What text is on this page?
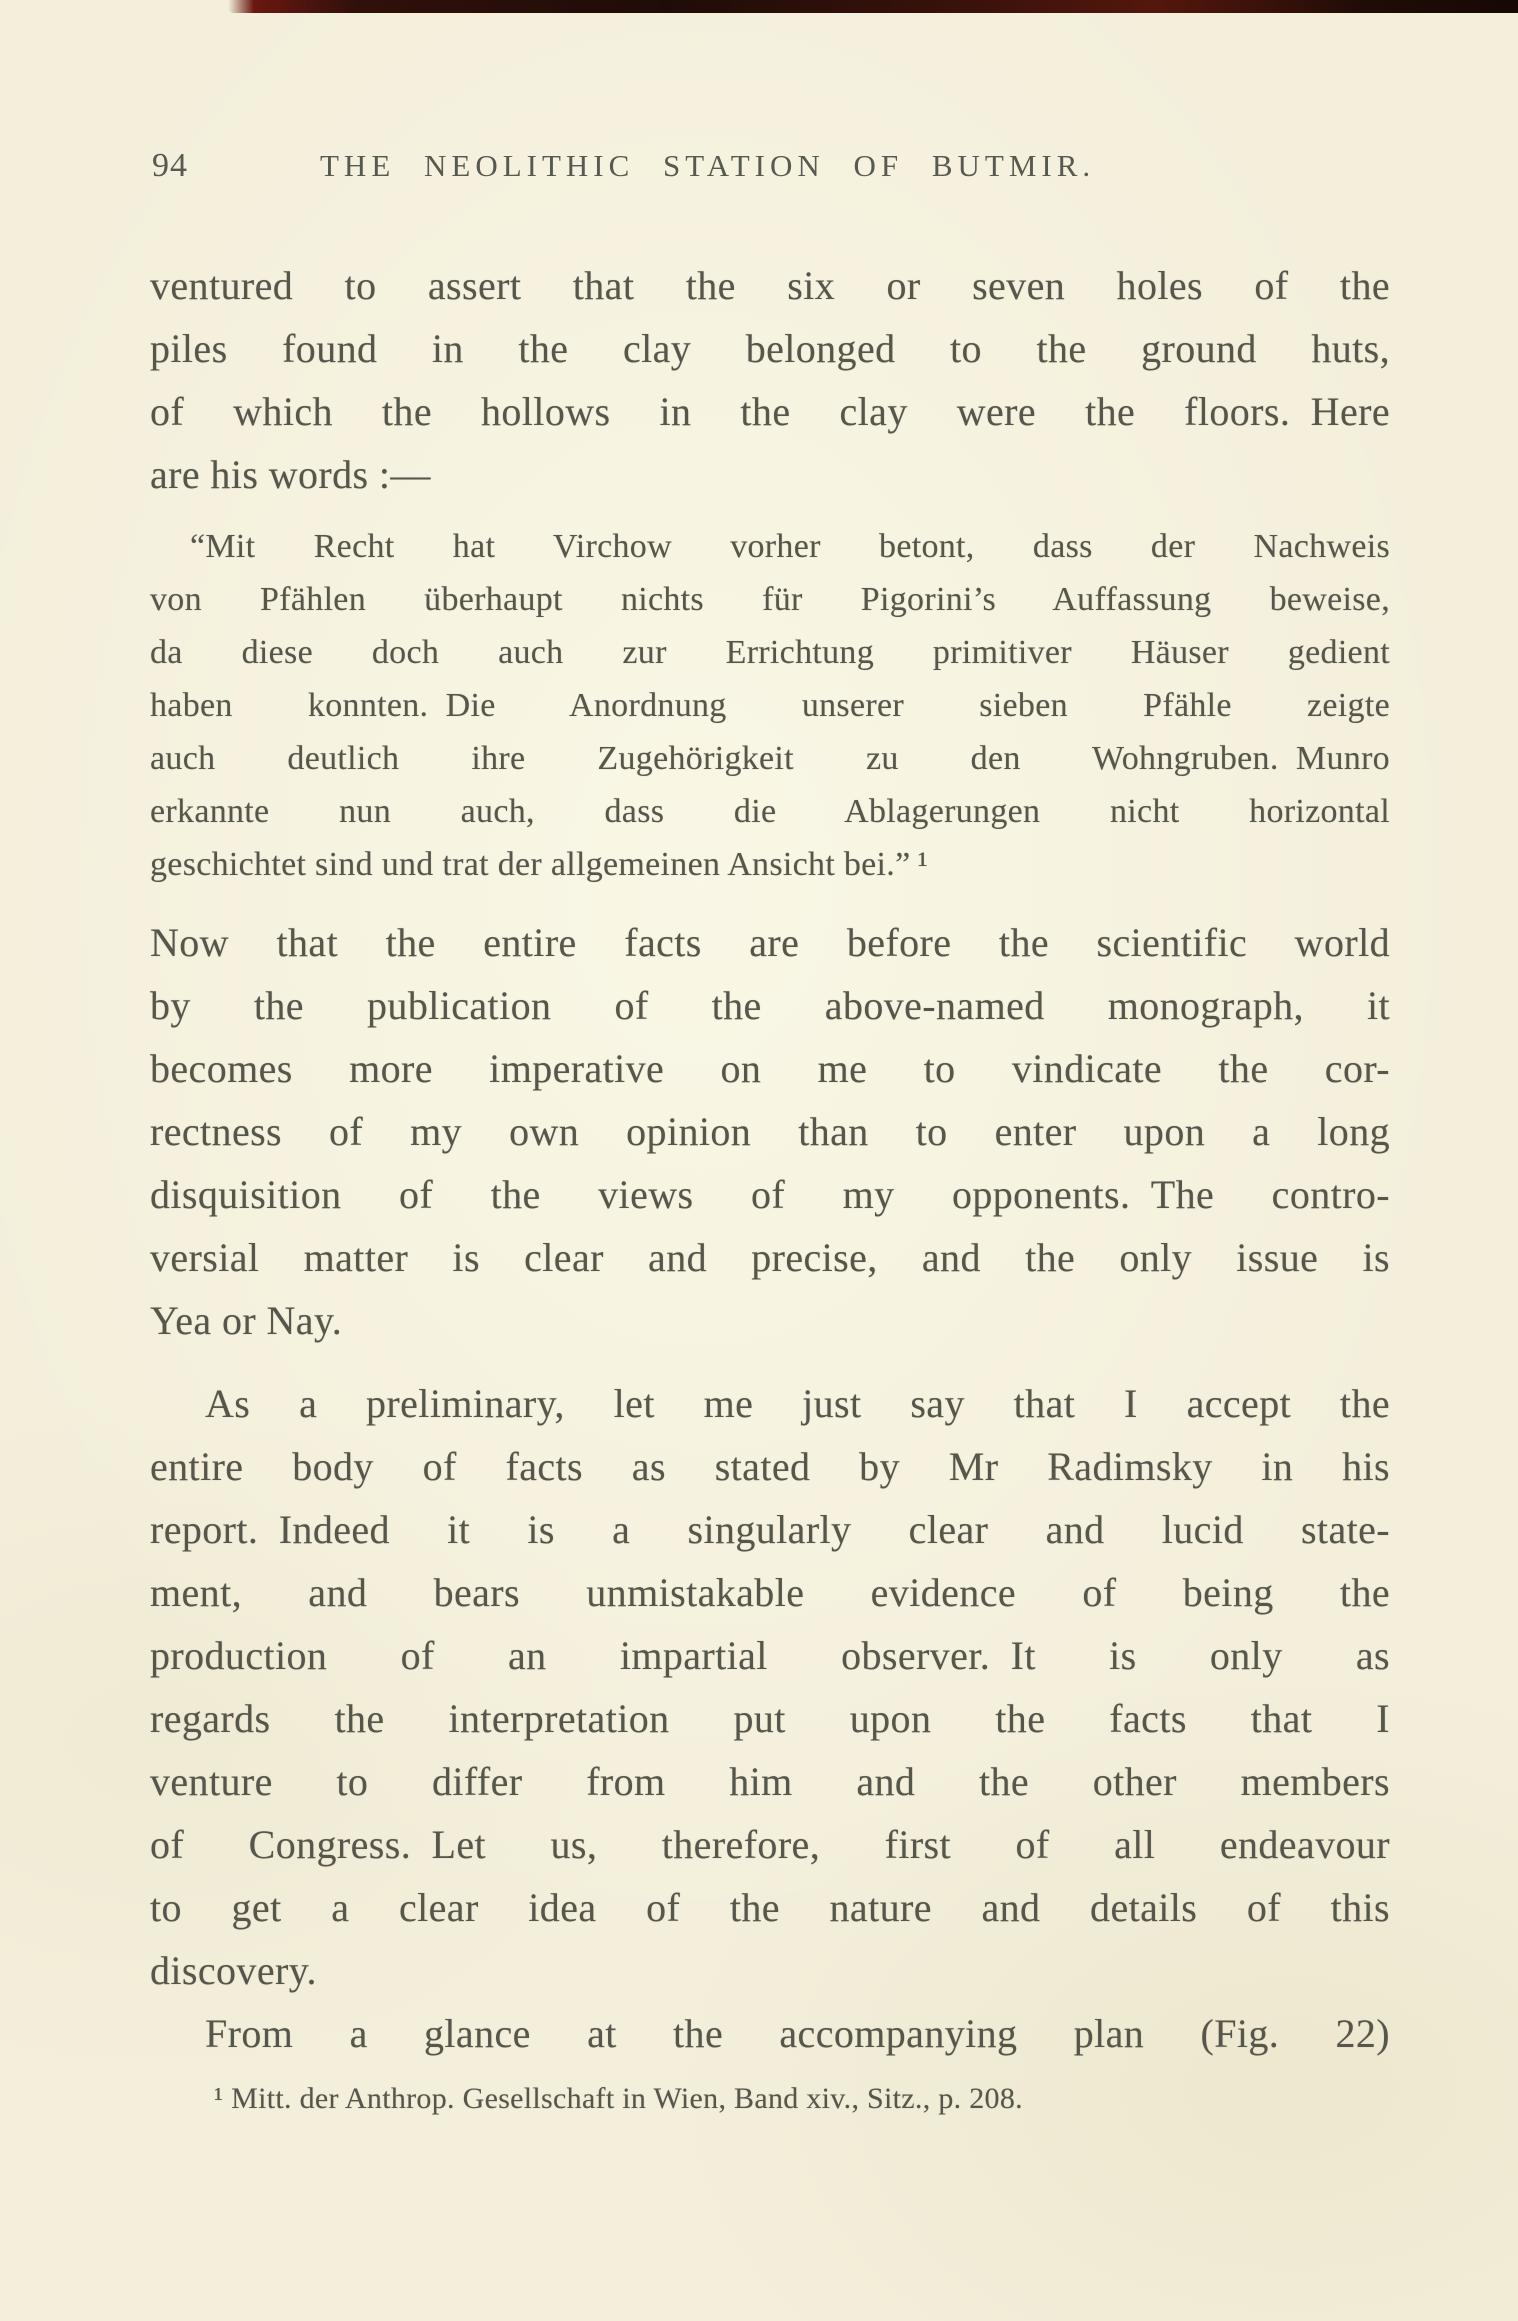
94	THE NEOLITHIC STATION OF BUTMIR.
ventured to assert that the six or seven holes of the
piles found in the clay belonged to the ground huts,
of which the hollows in the clay were the floors. Here
are his words :—
“Mit Recht hat Virchow vorher betont, dass der Nachweis
von Pfählen überhaupt nichts für Pigorini’s Auffassung beweise,
da diese doch auch zur Errichtung primitiver Häuser gedient
haben konnten. Die Anordnung unserer sieben Pfähle zeigte
auch deutlich ihre Zugehörigkeit zu den Wohngruben. Munro
erkannte nun auch, dass die Ablagerungen nicht horizontal
geschichtet sind und trat der allgemeinen Ansicht bei.” ¹
Now that the entire facts are before the scientific world
by the publication of the above-named monograph, it
becomes more imperative on me to vindicate the cor-
rectness of my own opinion than to enter upon a long
disquisition of the views of my opponents. The contro-
versial matter is clear and precise, and the only issue is
Yea or Nay.
As a preliminary, let me just say that I accept the
entire body of facts as stated by Mr Radimsky in his
report. Indeed it is a singularly clear and lucid state-
ment, and bears unmistakable evidence of being the
production of an impartial observer. It is only as
regards the interpretation put upon the facts that I
venture to differ from him and the other members
of Congress. Let us, therefore, first of all endeavour
to get a clear idea of the nature and details of this
discovery.
From a glance at the accompanying plan (Fig. 22)
¹ Mitt. der Anthrop. Gesellschaft in Wien, Band xiv., Sitz., p. 208.
